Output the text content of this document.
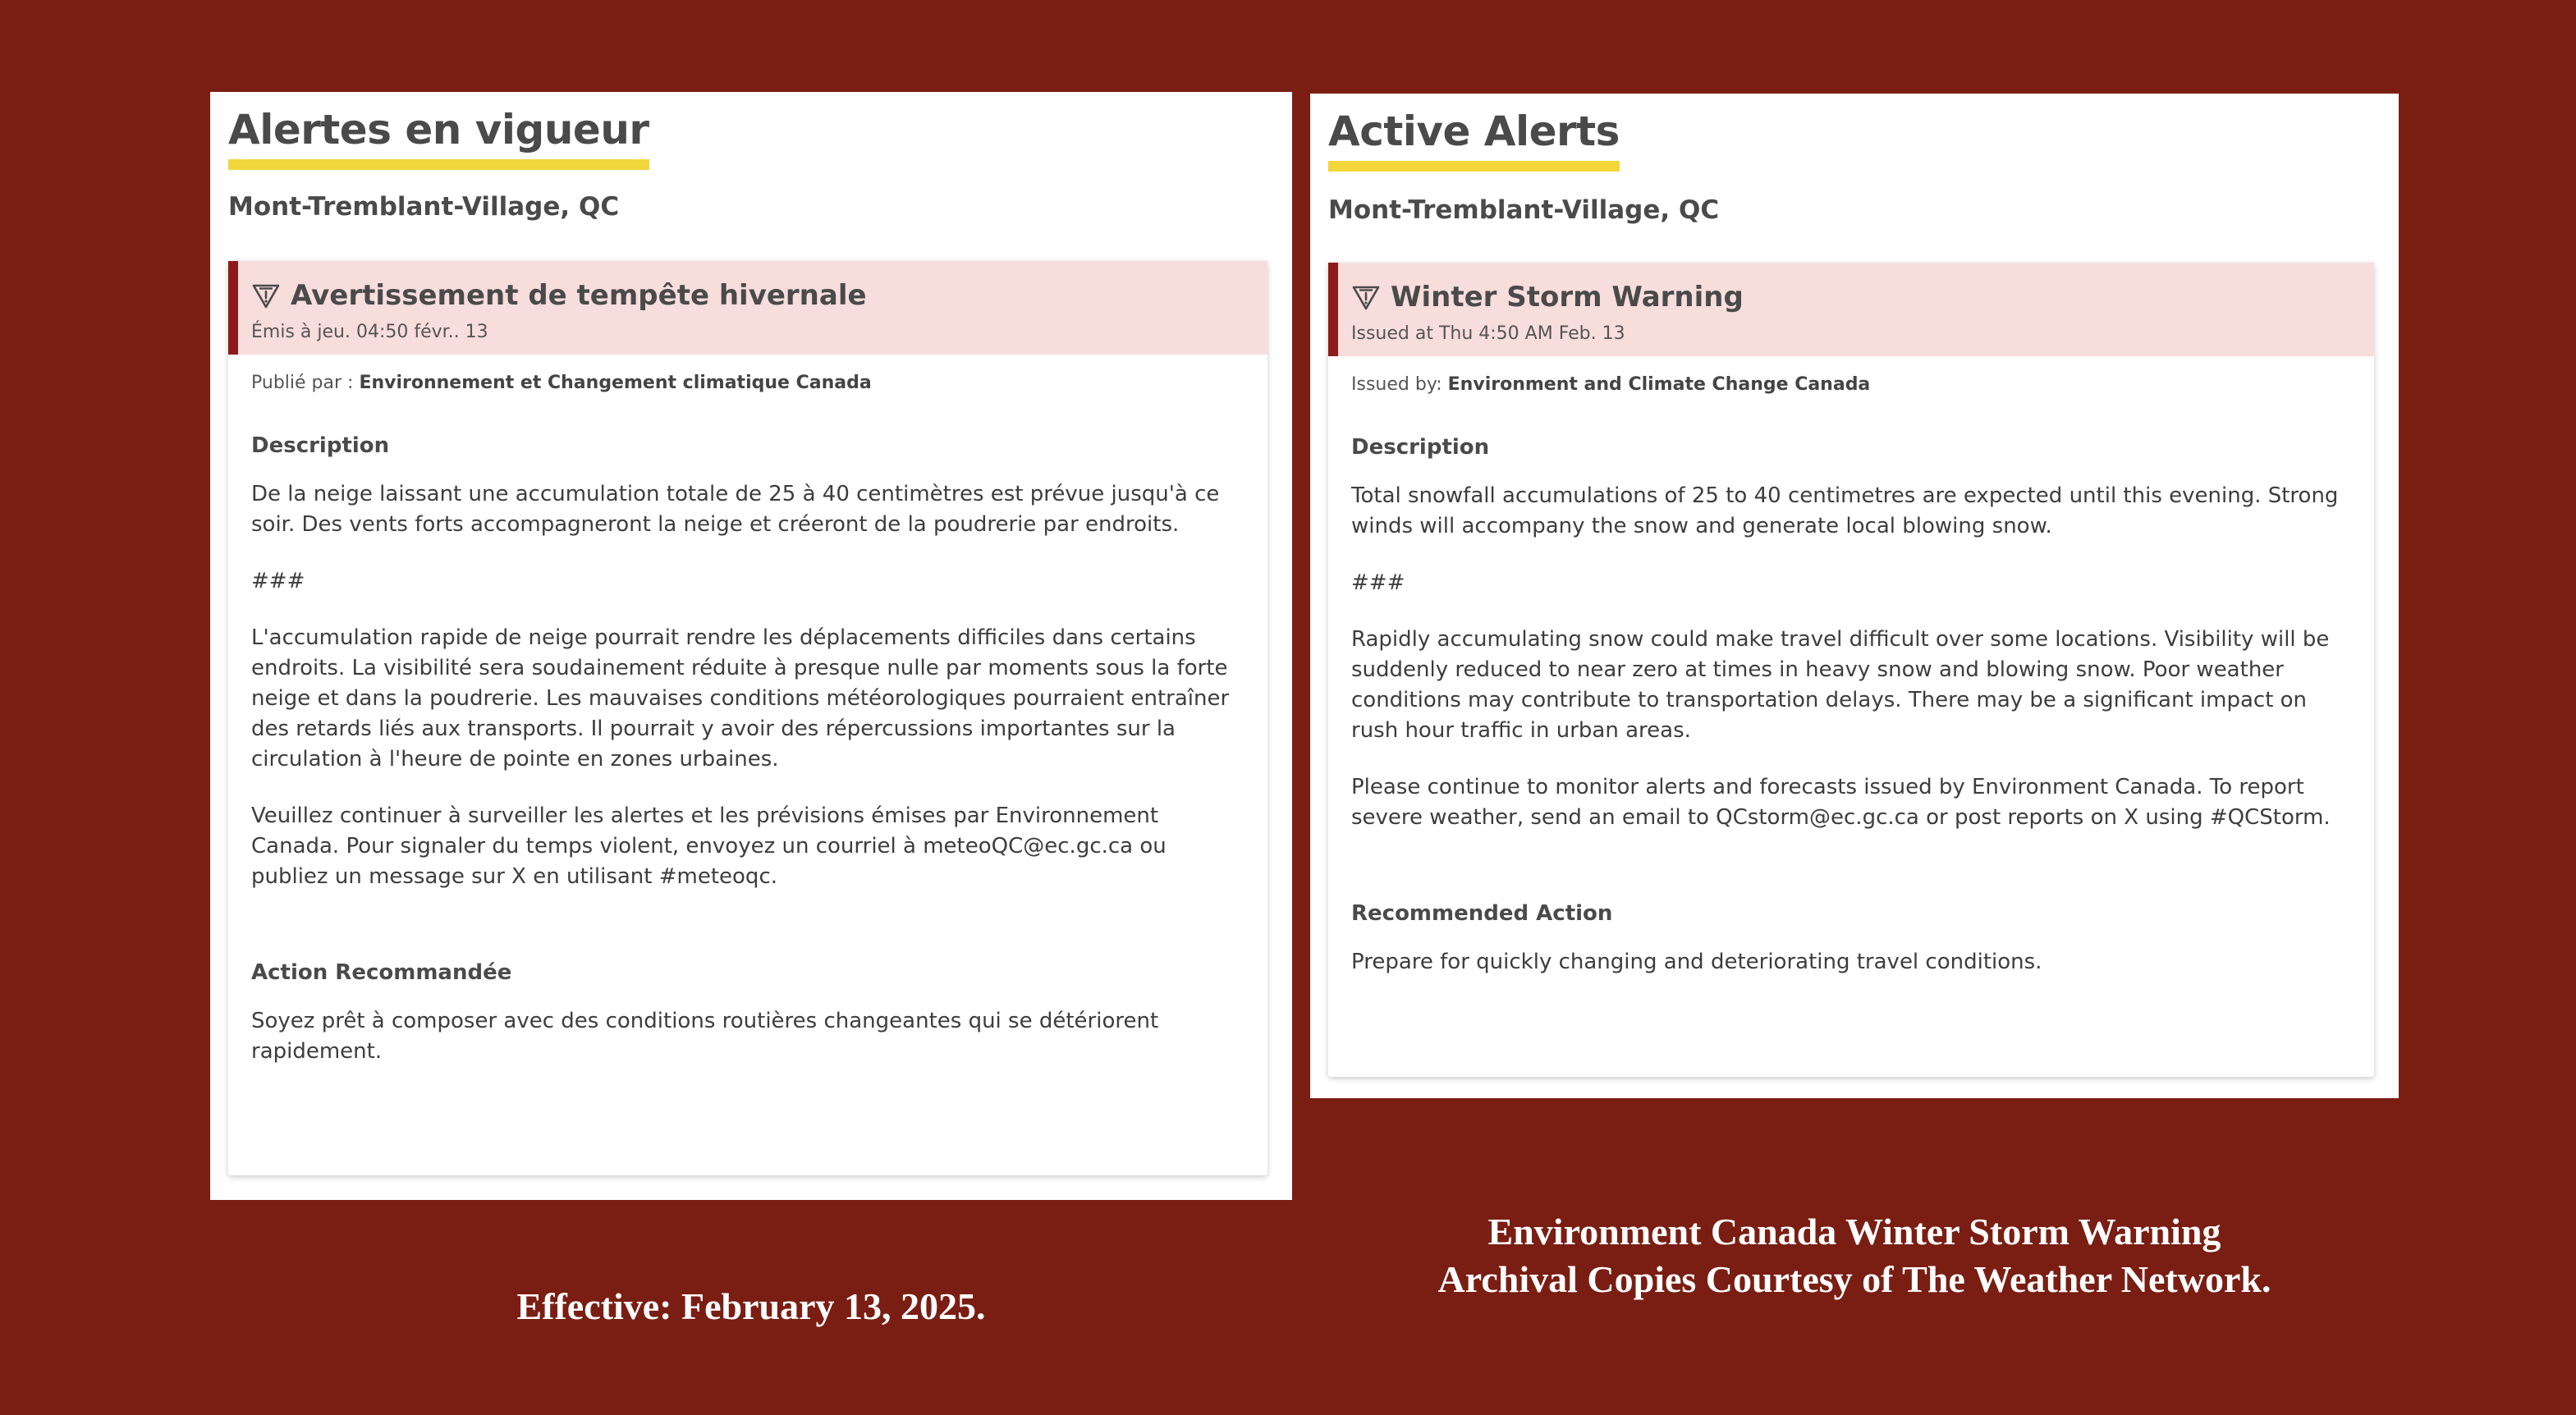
Alertes en vigueur
Mont-Tremblant-Village, QC
Avertissement de tempête hivernale
Émis à jeu. 04:50 févr.. 13
Publié par : Environnement et Changement climatique Canada
Description

De la neige laissant une accumulation totale de 25 à 40 centimètres est prévue jusqu'à ce soir. Des vents forts accompagneront la neige et créeront de la poudrerie par endroits.

###

L'accumulation rapide de neige pourrait rendre les déplacements difficiles dans certains endroits. La visibilité sera soudainement réduite à presque nulle par moments sous la forte neige et dans la poudrerie. Les mauvaises conditions météorologiques pourraient entraîner des retards liés aux transports. Il pourrait y avoir des répercussions importantes sur la circulation à l'heure de pointe en zones urbaines.

Veuillez continuer à surveiller les alertes et les prévisions émises par Environnement Canada. Pour signaler du temps violent, envoyez un courriel à meteoQC@ec.gc.ca ou publiez un message sur X en utilisant #meteoqc.

Action Recommandée

Soyez prêt à composer avec des conditions routières changeantes qui se détériorent rapidement.

Active Alerts
Mont-Tremblant-Village, QC
Winter Storm Warning
Issued at Thu 4:50 AM Feb. 13
Issued by: Environment and Climate Change Canada
Description

Total snowfall accumulations of 25 to 40 centimetres are expected until this evening. Strong winds will accompany the snow and generate local blowing snow.

###

Rapidly accumulating snow could make travel difficult over some locations. Visibility will be suddenly reduced to near zero at times in heavy snow and blowing snow. Poor weather conditions may contribute to transportation delays. There may be a significant impact on rush hour traffic in urban areas.

Please continue to monitor alerts and forecasts issued by Environment Canada. To report severe weather, send an email to QCstorm@ec.gc.ca or post reports on X using #QCStorm.

Recommended Action

Prepare for quickly changing and deteriorating travel conditions.

Environment Canada Winter Storm Warning
Archival Copies Courtesy of The Weather Network.
Effective: February 13, 2025.
